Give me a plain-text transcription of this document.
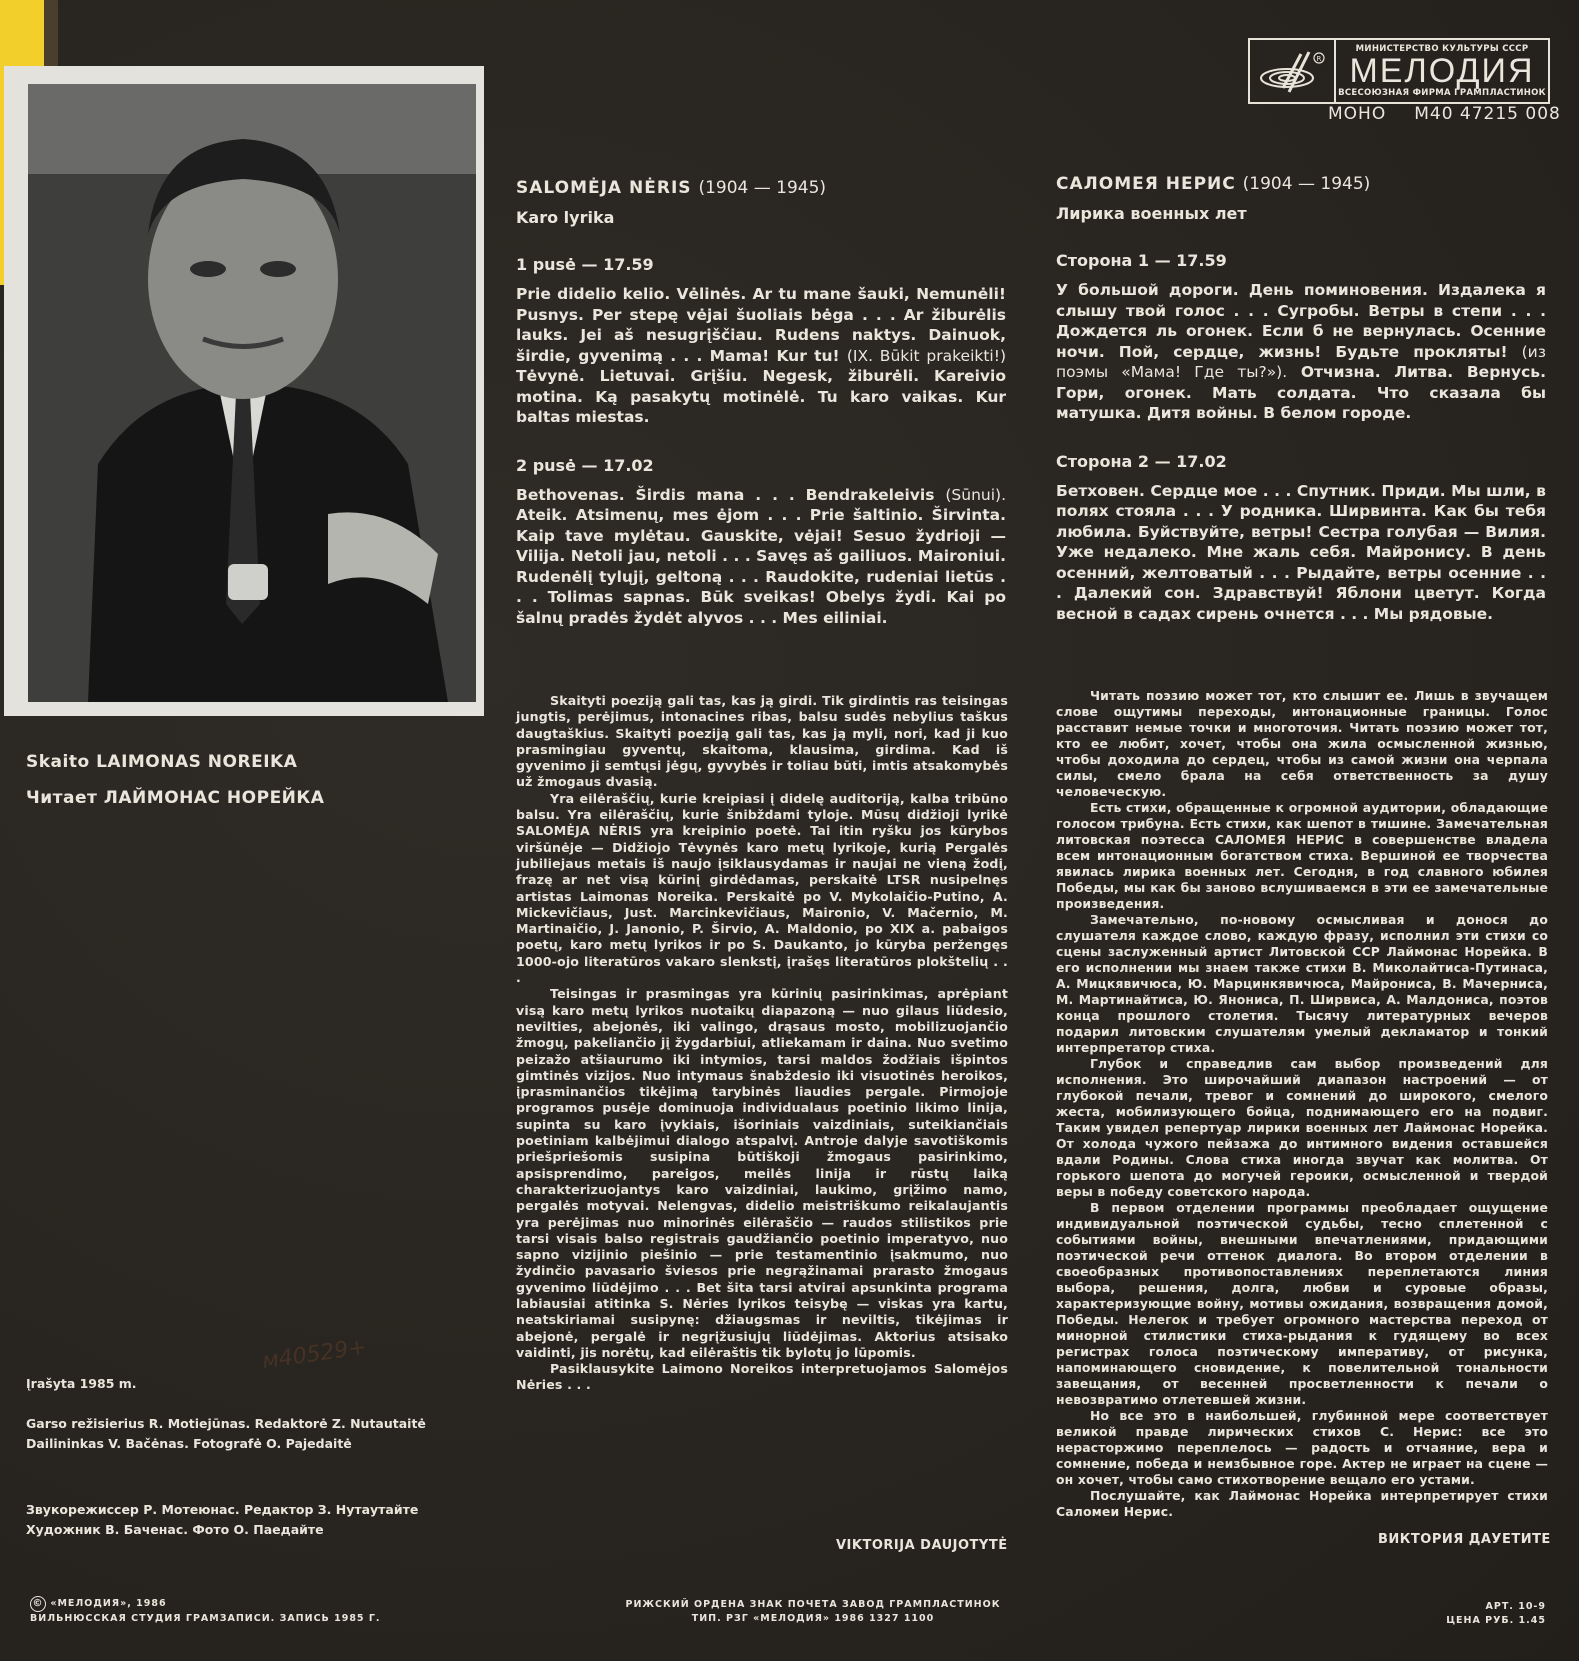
R
МИНИСТЕРСТВО КУЛЬТУРЫ СССР
МЕЛОДИЯ
ВСЕСОЮЗНАЯ ФИРМА ГРАМПЛАСТИНОК
МОНО М40 47215 008
SALOMĖJA NĖRIS (1904 — 1945)
Karo lyrika
1 pusė — 17.59
Prie didelio kelio. Vėlinės. Ar tu mane šauki, Nemunėli! Pusnys. Per stepę vėjai šuoliais bėga . . . Ar žiburėlis lauks. Jei aš nesugrįščiau. Rudens naktys. Dainuok, širdie, gyvenimą . . . Mama! Kur tu! (IX. Būkit prakeikti!) Tėvynė. Lietuvai. Grįšiu. Negesk, žiburėli. Kareivio motina. Ką pasakytų motinėlė. Tu karo vaikas. Kur baltas miestas.
2 pusė — 17.02
Bethovenas. Širdis mana . . . Bendrakeleivis (Sūnui). Ateik. Atsimenų, mes ėjom . . . Prie šaltinio. Širvinta. Kaip tave mylėtau. Gauskite, vėjai! Sesuo žydrioji — Vilija. Netoli jau, netoli . . . Savęs aš gailiuos. Maironiui. Rudenėlį tylųjį, geltoną . . . Raudokite, rudeniai lietūs . . . Tolimas sapnas. Būk sveikas! Obelys žydi. Kai po šalnų pradės žydėt alyvos . . . Mes eiliniai.
САЛОМЕЯ НЕРИС (1904 — 1945)
Лирика военных лет
Сторона 1 — 17.59
У большой дороги. День поминовения. Издалека я слышу твой голос . . . Сугробы. Ветры в степи . . . Дождется ль огонек. Если б не вернулась. Осенние ночи. Пой, сердце, жизнь! Будьте прокляты! (из поэмы «Мама! Где ты?»). Отчизна. Литва. Вернусь. Гори, огонек. Мать солдата. Что сказала бы матушка. Дитя войны. В белом городе.
Сторона 2 — 17.02
Бетховен. Сердце мое . . . Спутник. Приди. Мы шли, в полях стояла . . . У родника. Ширвинта. Как бы тебя любила. Буйствуйте, ветры! Сестра голубая — Вилия. Уже недалеко. Мне жаль себя. Майронису. В день осенний, желтоватый . . . Рыдайте, ветры осенние . . . Далекий сон. Здравствуй! Яблони цветут. Когда весной в садах сирень очнется . . . Мы рядовые.

Skaityti poeziją gali tas, kas ją girdi. Tik girdintis ras teisingas jungtis, perėjimus, intonacines ribas, balsu sudės nebylius taškus daugtaškius. Skaityti poeziją gali tas, kas ją myli, nori, kad ji kuo prasmingiau gyventų, skaitoma, klausima, girdima. Kad iš gyvenimo ji semtųsi jėgų, gyvybės ir toliau būti, imtis atsakomybės už žmogaus dvasią.

Yra eilėraščių, kurie kreipiasi į didelę auditoriją, kalba tribūno balsu. Yra eilėraščių, kurie šnibždami tyloje. Mūsų didžioji lyrikė SALOMĖJA NĖRIS yra kreipinio poetė. Tai itin ryšku jos kūrybos viršūnėje — Didžiojo Tėvynės karo metų lyrikoje, kurią Pergalės jubiliejaus metais iš naujo įsiklausydamas ir naujai ne vieną žodį, frazę ar net visą kūrinį girdėdamas, perskaitė LTSR nusipelnęs artistas Laimonas Noreika. Perskaitė po V. Mykolaičio-Putino, A. Mickevičiaus, Just. Marcinkevičiaus, Maironio, V. Mačernio, M. Martinaičio, J. Janonio, P. Širvio, A. Maldonio, po XIX a. pabaigos poetų, karo metų lyrikos ir po S. Daukanto, jo kūryba peržengęs 1000-ojo literatūros vakaro slenkstį, įrašęs literatūros plokštelių . . .

Teisingas ir prasmingas yra kūrinių pasirinkimas, aprėpiant visą karo metų lyrikos nuotaikų diapazoną — nuo gilaus liūdesio, nevilties, abejonės, iki valingo, drąsaus mosto, mobilizuojančio žmogų, pakeliančio jį žygdarbiui, atliekamam ir daina. Nuo svetimo peizažo atšiaurumo iki intymios, tarsi maldos žodžiais išpintos gimtinės vizijos. Nuo intymaus šnabždesio iki visuotinės heroikos, įprasminančios tikėjimą tarybinės liaudies pergale. Pirmojoje programos pusėje dominuoja individualaus poetinio likimo linija, supinta su karo įvykiais, išoriniais vaizdiniais, suteikiančiais poetiniam kalbėjimui dialogo atspalvį. Antroje dalyje savotiškomis priešpriešomis susipina būtiškoji žmogaus pasirinkimo, apsisprendimo, pareigos, meilės linija ir rūstų laiką charakterizuojantys karo vaizdiniai, laukimo, grįžimo namo, pergalės motyvai. Nelengvas, didelio meistriškumo reikalaujantis yra perėjimas nuo minorinės eilėraščio — raudos stilistikos prie tarsi visais balso registrais gaudžiančio poetinio imperatyvo, nuo sapno vizijinio piešinio — prie testamentinio įsakmumo, nuo žydinčio pavasario šviesos prie negrąžinamai prarasto žmogaus gyvenimo liūdėjimo . . . Bet šita tarsi atvirai apsunkinta programa labiausiai atitinka S. Nėries lyrikos teisybę — viskas yra kartu, neatskiriamai susipynę: džiaugsmas ir neviltis, tikėjimas ir abejonė, pergalė ir negrįžusiųjų liūdėjimas. Aktorius atsisako vaidinti, jis norėtų, kad eilėraštis tik bylotų jo lūpomis.

Pasiklausykite Laimono Noreikos interpretuojamos Salomėjos Nėries . . .

VIKTORIJA DAUJOTYTĖ

Читать поэзию может тот, кто слышит ее. Лишь в звучащем слове ощутимы переходы, интонационные границы. Голос расставит немые точки и многоточия. Читать поэзию может тот, кто ее любит, хочет, чтобы она жила осмысленной жизнью, чтобы доходила до сердец, чтобы из самой жизни она черпала силы, смело брала на себя ответственность за душу человеческую.

Есть стихи, обращенные к огромной аудитории, обладающие голосом трибуна. Есть стихи, как шепот в тишине. Замечательная литовская поэтесса САЛОМЕЯ НЕРИС в совершенстве владела всем интонационным богатством стиха. Вершиной ее творчества явилась лирика военных лет. Сегодня, в год славного юбилея Победы, мы как бы заново вслушиваемся в эти ее замечательные произведения.

Замечательно, по-новому осмысливая и донося до слушателя каждое слово, каждую фразу, исполнил эти стихи со сцены заслуженный артист Литовской ССР Лаймонас Норейка. В его исполнении мы знаем также стихи В. Миколайтиса-Путинаса, А. Мицкявичюса, Ю. Марцинкявичюса, Майрониса, В. Мачерниса, М. Мартинайтиса, Ю. Янониса, П. Ширвиса, А. Малдониса, поэтов конца прошлого столетия. Тысячу литературных вечеров подарил литовским слушателям умелый декламатор и тонкий интерпретатор стиха.

Глубок и справедлив сам выбор произведений для исполнения. Это широчайший диапазон настроений — от глубокой печали, тревог и сомнений до широкого, смелого жеста, мобилизующего бойца, поднимающего его на подвиг. Таким увидел репертуар лирики военных лет Лаймонас Норейка. От холода чужого пейзажа до интимного видения оставшейся вдали Родины. Слова стиха иногда звучат как молитва. От горького шепота до могучей героики, осмысленной и твердой веры в победу советского народа.

В первом отделении программы преобладает ощущение индивидуальной поэтической судьбы, тесно сплетенной с событиями войны, внешными впечатлениями, придающими поэтической речи оттенок диалога. Во втором отделении в своеобразных противопоставлениях переплетаются линия выбора, решения, долга, любви и суровые образы, характеризующие войну, мотивы ожидания, возвращения домой, Победы. Нелегок и требует огромного мастерства переход от минорной стилистики стиха-рыдания к гудящему во всех регистрах голоса поэтическому императиву, от рисунка, напоминающего сновидение, к повелительной тональности завещания, от весенней просветленности к печали о невозвратимо отлетевшей жизни.

Но все это в наибольшей, глубинной мере соответствует великой правде лирических стихов С. Нерис: все это нерасторжимо переплелось — радость и отчаяние, вера и сомнение, победа и неизбывное горе. Актер не играет на сцене — он хочет, чтобы само стихотворение вещало его устами.

Послушайте, как Лаймонас Норейка интерпретирует стихи Саломеи Нерис.

ВИКТОРИЯ ДАУЕТИТЕ
Skaito LAIMONAS NOREIKA
Читает ЛАЙМОНАС НОРЕЙКА
м40529+
Įrašyta 1985 m.
Garso režisierius R. Motiejūnas. Redaktorė Z. Nutautaitė
Dailininkas V. Bačėnas. Fotografė O. Pajedaitė
Звукорежиссер Р. Мотеюнас. Редактор З. Нутаутайте
Художник В. Баченас. Фото О. Паедайте
© «МЕЛОДИЯ», 1986
ВИЛЬНЮССКАЯ СТУДИЯ ГРАМЗАПИСИ. ЗАПИСЬ 1985 Г.
РИЖСКИЙ ОРДЕНА ЗНАК ПОЧЕТА ЗАВОД ГРАМПЛАСТИНОК
ТИП. РЗГ «МЕЛОДИЯ» 1986 1327 1100
АРТ. 10-9
ЦЕНА РУБ. 1.45
